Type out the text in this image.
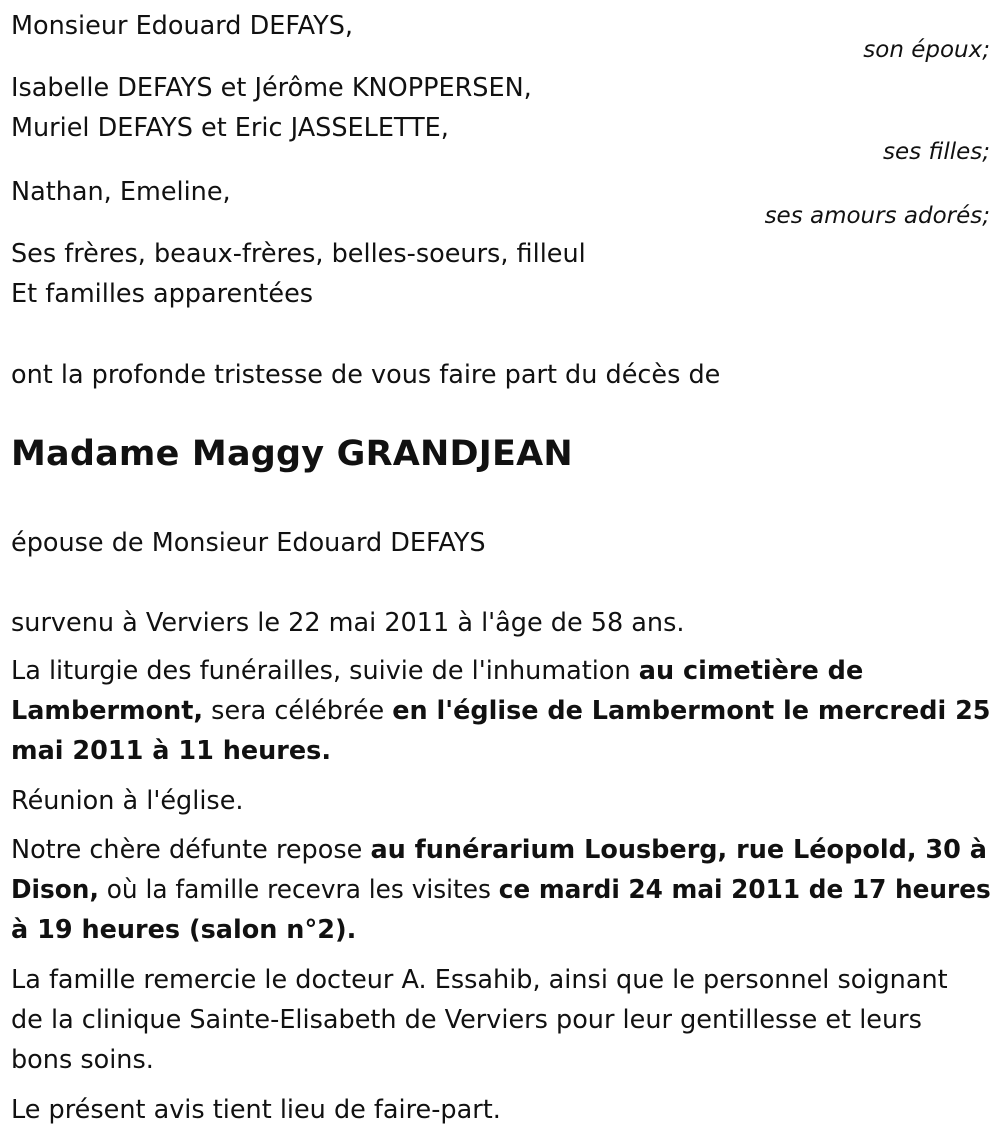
Monsieur Edouard DEFAYS,
son époux;
Isabelle DEFAYS et Jérôme KNOPPERSEN,
Muriel DEFAYS et Eric JASSELETTE,
ses filles;
Nathan, Emeline,
ses amours adorés;
Ses frères, beaux-frères, belles-soeurs, filleul
Et familles apparentées
ont la profonde tristesse de vous faire part du décès de
Madame Maggy GRANDJEAN
épouse de Monsieur Edouard DEFAYS
survenu à Verviers le 22 mai 2011 à l'âge de 58 ans.
La liturgie des funérailles, suivie de l'inhumation au cimetière de
Lambermont, sera célébrée en l'église de Lambermont le mercredi 25
mai 2011 à 11 heures.
Réunion à l'église.
Notre chère défunte repose au funérarium Lousberg, rue Léopold, 30 à
Dison, où la famille recevra les visites ce mardi 24 mai 2011 de 17 heures
à 19 heures (salon n°2).
La famille remercie le docteur A. Essahib, ainsi que le personnel soignant
de la clinique Sainte-Elisabeth de Verviers pour leur gentillesse et leurs
bons soins.
Le présent avis tient lieu de faire-part.
